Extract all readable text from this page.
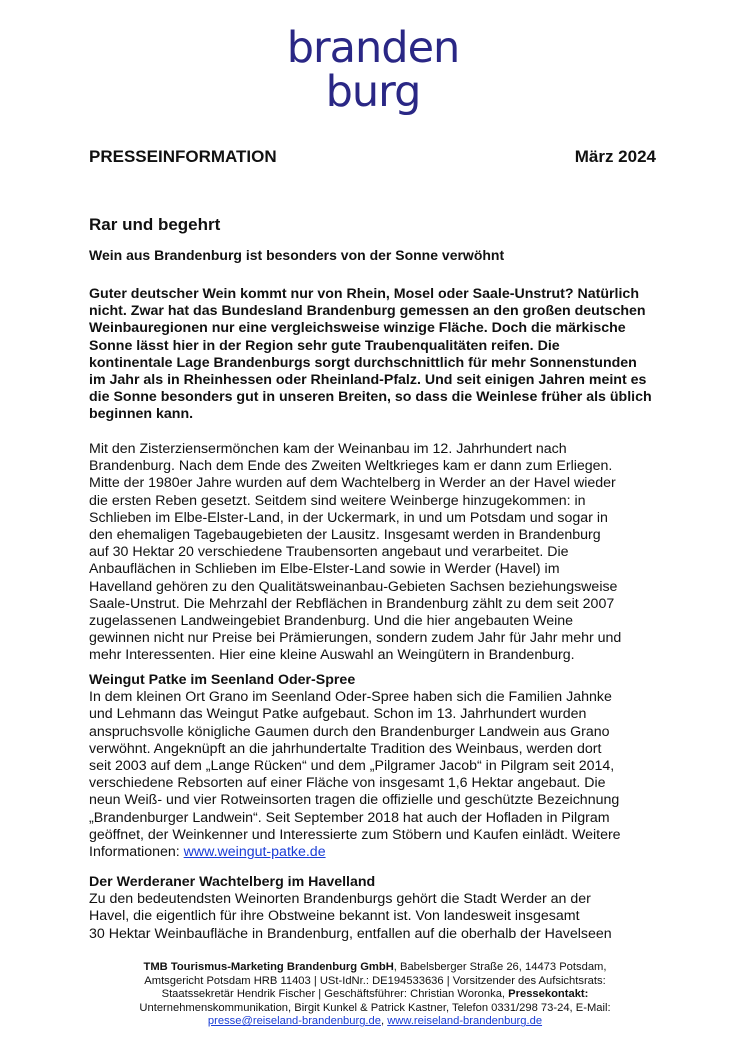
branden
burg
PRESSEINFORMATION	März 2024
Rar und begehrt
Wein aus Brandenburg ist besonders von der Sonne verwöhnt
Guter deutscher Wein kommt nur von Rhein, Mosel oder Saale-Unstrut? Natürlich
nicht. Zwar hat das Bundesland Brandenburg gemessen an den großen deutschen
Weinbauregionen nur eine vergleichsweise winzige Fläche. Doch die märkische
Sonne lässt hier in der Region sehr gute Traubenqualitäten reifen. Die
kontinentale Lage Brandenburgs sorgt durchschnittlich für mehr Sonnenstunden
im Jahr als in Rheinhessen oder Rheinland-Pfalz. Und seit einigen Jahren meint es
die Sonne besonders gut in unseren Breiten, so dass die Weinlese früher als üblich
beginnen kann.
Mit den Zisterziensermönchen kam der Weinanbau im 12. Jahrhundert nach
Brandenburg. Nach dem Ende des Zweiten Weltkrieges kam er dann zum Erliegen.
Mitte der 1980er Jahre wurden auf dem Wachtelberg in Werder an der Havel wieder
die ersten Reben gesetzt. Seitdem sind weitere Weinberge hinzugekommen: in
Schlieben im Elbe-Elster-Land, in der Uckermark, in und um Potsdam und sogar in
den ehemaligen Tagebaugebieten der Lausitz. Insgesamt werden in Brandenburg
auf 30 Hektar 20 verschiedene Traubensorten angebaut und verarbeitet. Die
Anbauflächen in Schlieben im Elbe-Elster-Land sowie in Werder (Havel) im
Havelland gehören zu den Qualitätsweinanbau-Gebieten Sachsen beziehungsweise
Saale-Unstrut. Die Mehrzahl der Rebflächen in Brandenburg zählt zu dem seit 2007
zugelassenen Landweingebiet Brandenburg. Und die hier angebauten Weine
gewinnen nicht nur Preise bei Prämierungen, sondern zudem Jahr für Jahr mehr und
mehr Interessenten. Hier eine kleine Auswahl an Weingütern in Brandenburg.
Weingut Patke im Seenland Oder-Spree
In dem kleinen Ort Grano im Seenland Oder-Spree haben sich die Familien Jahnke
und Lehmann das Weingut Patke aufgebaut. Schon im 13. Jahrhundert wurden
anspruchsvolle königliche Gaumen durch den Brandenburger Landwein aus Grano
verwöhnt. Angeknüpft an die jahrhundertalte Tradition des Weinbaus, werden dort
seit 2003 auf dem „Lange Rücken“ und dem „Pilgramer Jacob“ in Pilgram seit 2014,
verschiedene Rebsorten auf einer Fläche von insgesamt 1,6 Hektar angebaut. Die
neun Weiß- und vier Rotweinsorten tragen die offizielle und geschützte Bezeichnung
„Brandenburger Landwein“. Seit September 2018 hat auch der Hofladen in Pilgram
geöffnet, der Weinkenner und Interessierte zum Stöbern und Kaufen einlädt. Weitere
Informationen: www.weingut-patke.de
Der Werderaner Wachtelberg im Havelland
Zu den bedeutendsten Weinorten Brandenburgs gehört die Stadt Werder an der
Havel, die eigentlich für ihre Obstweine bekannt ist. Von landesweit insgesamt
30 Hektar Weinbaufläche in Brandenburg, entfallen auf die oberhalb der Havelseen
TMB Tourismus-Marketing Brandenburg GmbH, Babelsberger Straße 26, 14473 Potsdam,
Amtsgericht Potsdam HRB 11403 | USt-IdNr.: DE194533636 | Vorsitzender des Aufsichtsrats:
Staatssekretär Hendrik Fischer | Geschäftsführer: Christian Woronka, Pressekontakt:
Unternehmenskommunikation, Birgit Kunkel & Patrick Kastner, Telefon 0331/298 73-24, E-Mail:
presse@reiseland-brandenburg.de, www.reiseland-brandenburg.de
